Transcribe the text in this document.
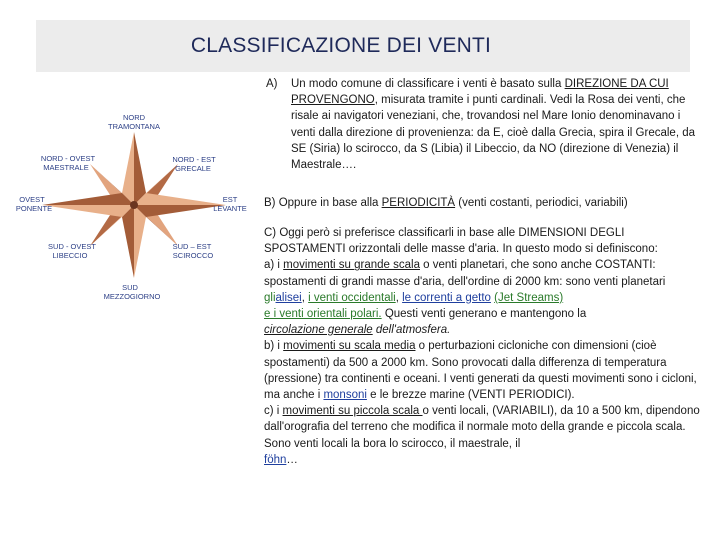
CLASSIFICAZIONE DEI VENTI
NORD
TRAMONTANA
NORD - OVEST
MAESTRALE
NORD - EST
GRECALE
OVEST
PONENTE
EST
LEVANTE
SUD - OVEST
LIBECCIO
SUD – EST
SCIROCCO
SUD
MEZZOGIORNO
A) Un modo comune di classificare i venti è basato sulla DIREZIONE DA CUI PROVENGONO, misurata tramite i punti cardinali. Vedi la Rosa dei venti, che risale ai navigatori veneziani, che, trovandosi nel Mare Ionio denominavano i venti dalla direzione di provenienza: da E, cioè dalla Grecia, spira il Grecale, da SE (Siria) lo scirocco, da S (Libia) il Libeccio, da NO (direzione di Venezia) il Maestrale….
B) Oppure in base alla PERIODICITÀ (venti costanti, periodici, variabili)
C) Oggi però si preferisce classificarli in base alle DIMENSIONI DEGLI SPOSTAMENTI orizzontali delle masse d'aria. In questo modo si definiscono:
a) i movimenti su grande scala o venti planetari, che sono anche COSTANTI: spostamenti di grandi masse d'aria, dell'ordine di 2000 km: sono venti planetari glialisei, i venti occidentali, le correnti a getto (Jet Streams)
e i venti orientali polari. Questi venti generano e mantengono la
circolazione generale dell'atmosfera.
b) i movimenti su scala media o perturbazioni cicloniche con dimensioni (cioè spostamenti) da 500 a 2000 km. Sono provocati dalla differenza di temperatura (pressione) tra continenti e oceani. I venti generati da questi movimenti sono i cicloni, ma anche i monsoni e le brezze marine (VENTI PERIODICI).
c) i movimenti su piccola scala o venti locali, (VARIABILI), da 10 a 500 km, dipendono dall'orografia del terreno che modifica il normale moto della grande e piccola scala. Sono venti locali la bora lo scirocco, il maestrale, il
föhn…
